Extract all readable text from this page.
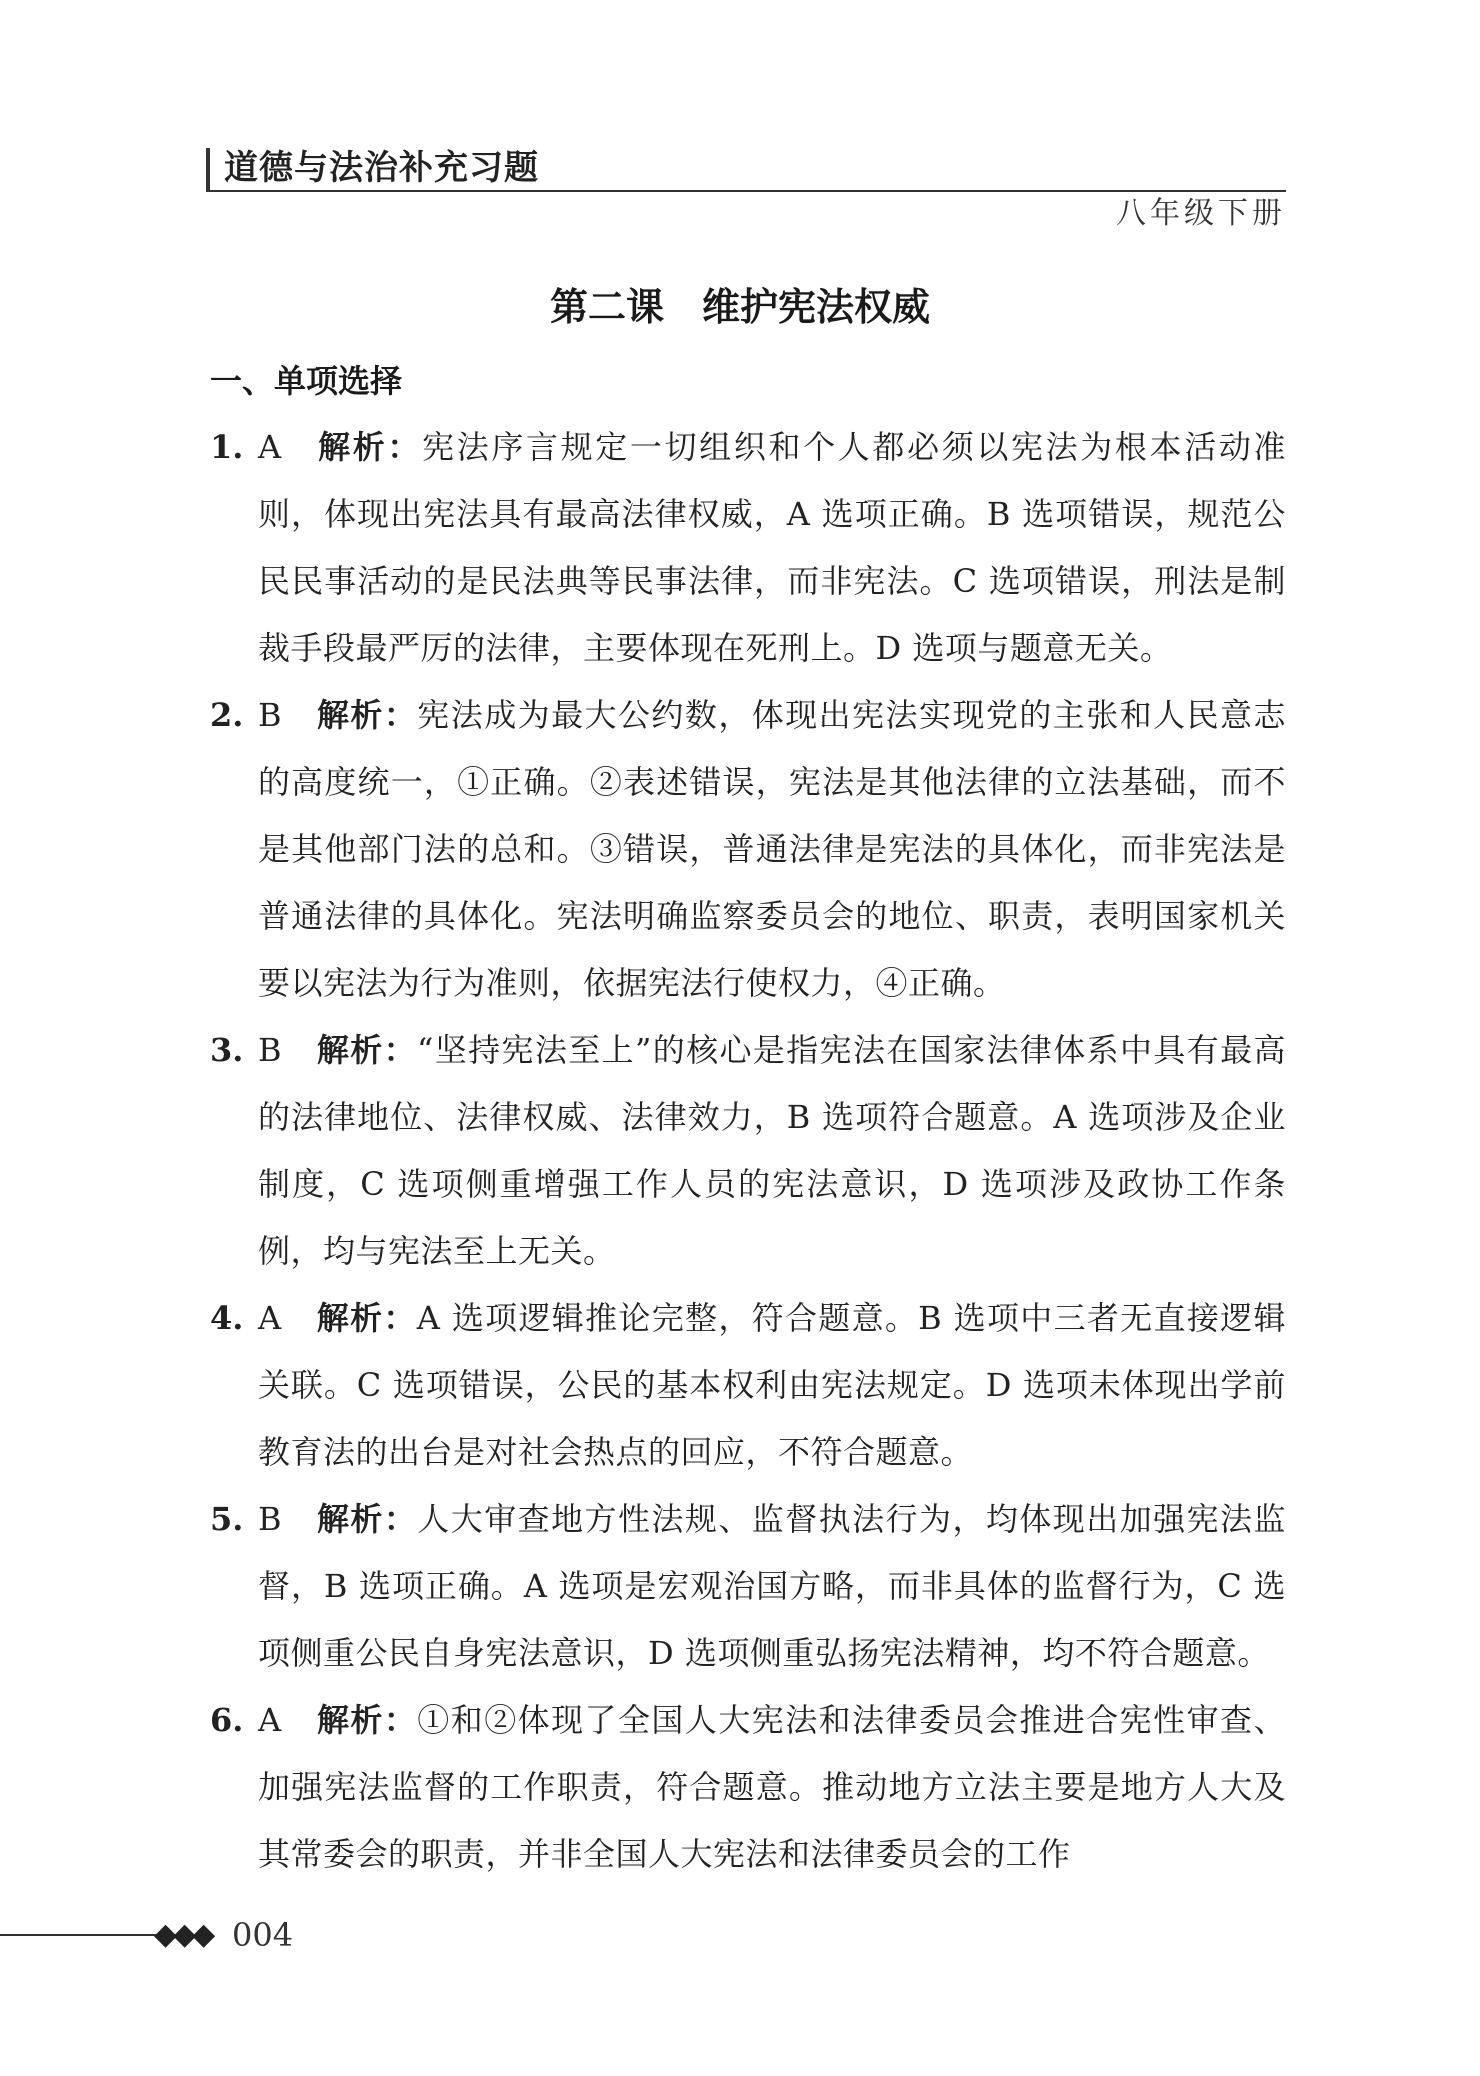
道德与法治补充习题
八年级下册
第二课　维护宪法权威
一、单项选择
1. A 解析：宪法序言规定一切组织和个人都必须以宪法为根本活动准则，体现出宪法具有最高法律权威，A 选项正确。B 选项错误，规范公民民事活动的是民法典等民事法律，而非宪法。C 选项错误，刑法是制裁手段最严厉的法律，主要体现在死刑上。D 选项与题意无关。
2. B 解析：宪法成为最大公约数，体现出宪法实现党的主张和人民意志的高度统一，①正确。②表述错误，宪法是其他法律的立法基础，而不是其他部门法的总和。③错误，普通法律是宪法的具体化，而非宪法是普通法律的具体化。宪法明确监察委员会的地位、职责，表明国家机关要以宪法为行为准则，依据宪法行使权力，④正确。
3. B 解析：“坚持宪法至上”的核心是指宪法在国家法律体系中具有最高的法律地位、法律权威、法律效力，B 选项符合题意。A 选项涉及企业制度，C 选项侧重增强工作人员的宪法意识，D 选项涉及政协工作条例，均与宪法至上无关。
4. A 解析：A 选项逻辑推论完整，符合题意。B 选项中三者无直接逻辑关联。C 选项错误，公民的基本权利由宪法规定。D 选项未体现出学前教育法的出台是对社会热点的回应，不符合题意。
5. B 解析：人大审查地方性法规、监督执法行为，均体现出加强宪法监督，B 选项正确。A 选项是宏观治国方略，而非具体的监督行为，C 选项侧重公民自身宪法意识，D 选项侧重弘扬宪法精神，均不符合题意。
6. A 解析：①和②体现了全国人大宪法和法律委员会推进合宪性审查、加强宪法监督的工作职责，符合题意。推动地方立法主要是地方人大及其常委会的职责，并非全国人大宪法和法律委员会的工作
◆◆◆ 004
